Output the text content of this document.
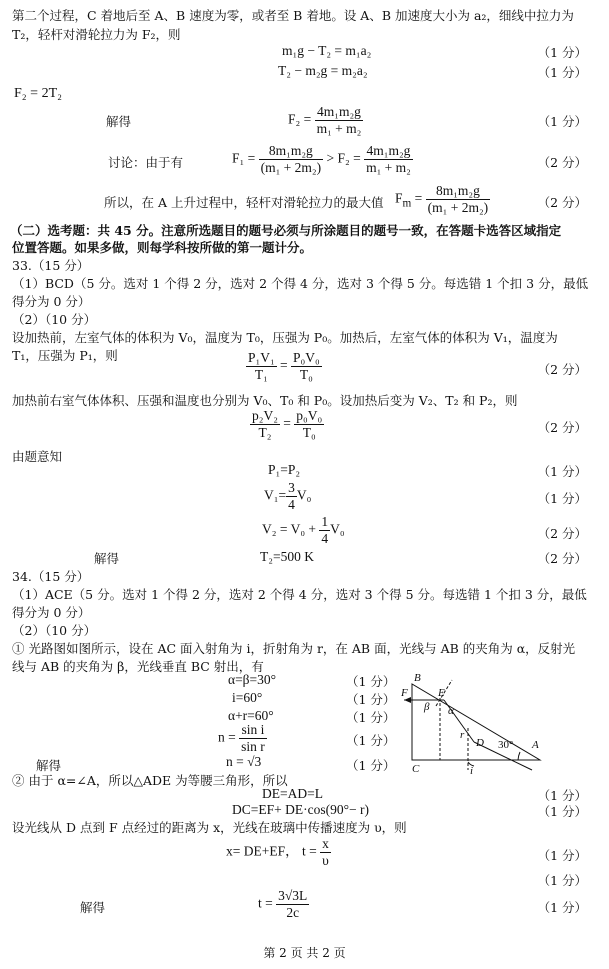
第二个过程，C 着地后至 A、B 速度为零，或者至 B 着地。设 A、B 加速度大小为 a₂，细线中拉力为
T₂，轻杆对滑轮拉力为 F₂，则
m₁g − T₂ = m₁a₂	（1 分）
T₂ − m₂g = m₂a₂	（1 分）
F₂ = 2T₂
解得	$F_2 = \frac{\text{4m₁m₂g}}{\text{m₁ + m₂}}$	（1 分）
讨论：由于有	$F_1 = \frac{\text{8m₁m₂g}}{\text{(m₁ + 2m₂)}} > F_2 = \frac{\text{4m₁m₂g}}{\text{m₁ + m₂}}$	（2 分）
所以，在 A 上升过程中，轻杆对滑轮拉力的最大值 $F_m = \frac{\text{8m₁m₂g}}{\text{(m₁ + 2m₂)}}$	（2 分）
（二）选考题：共 45 分。注意所选题目的题号必须与所涂题目的题号一致，在答题卡选答区域指定
位置答题。如果多做，则每学科按所做的第一题计分。
33.（15 分）
（1）BCD（5 分。选对 1 个得 2 分，选对 2 个得 4 分，选对 3 个得 5 分。每选错 1 个扣 3 分，最低
得分为 0 分）
（2）（10 分）
设加热前，左室气体的体积为 V₀，温度为 T₀，压强为 P₀。加热后，左室气体的体积为 V₁，温度为
T₁，压强为 P₁，则	$\frac{\text{P₁V₁}}{\text{T₁}} = \frac{\text{P₀V₀}}{\text{T₀}}$	（2 分）
加热前右室气体体积、压强和温度也分别为 V₀、T₀ 和 P₀。设加热后变为 V₂、T₂ 和 P₂，则
$\frac{\text{p₂V₂}}{\text{T₂}} = \frac{\text{p₀V₀}}{\text{T₀}}$	（2 分）
由题意知
P₁=P₂	（1 分）
$V_1= \frac{3}{4} V_0$	（1 分）
$V_2 = V_0 + \frac{1}{4} V_0$	（2 分）
解得	T₂=500 K	（2 分）
34.（15 分）
（1）ACE（5 分。选对 1 个得 2 分，选对 2 个得 4 分，选对 3 个得 5 分。每选错 1 个扣 3 分，最低
得分为 0 分）
（2）（10 分）
① 光路图如图所示，设在 AC 面入射角为 i，折射角为 r，在 AB 面，光线与 AB 的夹角为 α，反射光
线与 AB 的夹角为 β，光线垂直 BC 射出，有
α=β=30°	（1 分）
i=60°	（1 分）
α+r=60°	（1 分）
$n = \frac{\text{sin i}}{\text{sin r}}$	（1 分）
解得	n = √3	（1 分）
B
F
β
E
α
r
D 30° A
C	i
② 由于 α=∠A，所以△ADE 为等腰三角形，所以
DE=AD=L	（1 分）
DC=EF+ DE·cos(90°− r)	（1 分）
设光线从 D 点到 F 点经过的距离为 x，光线在玻璃中传播速度为 υ，则
x= DE+EF， $t = \frac{x}{\upsilon}$	（1 分）
（1 分）
解得	$t = \frac{3√3L}{2c}$	（1 分）
第 2 页 共 2 页
